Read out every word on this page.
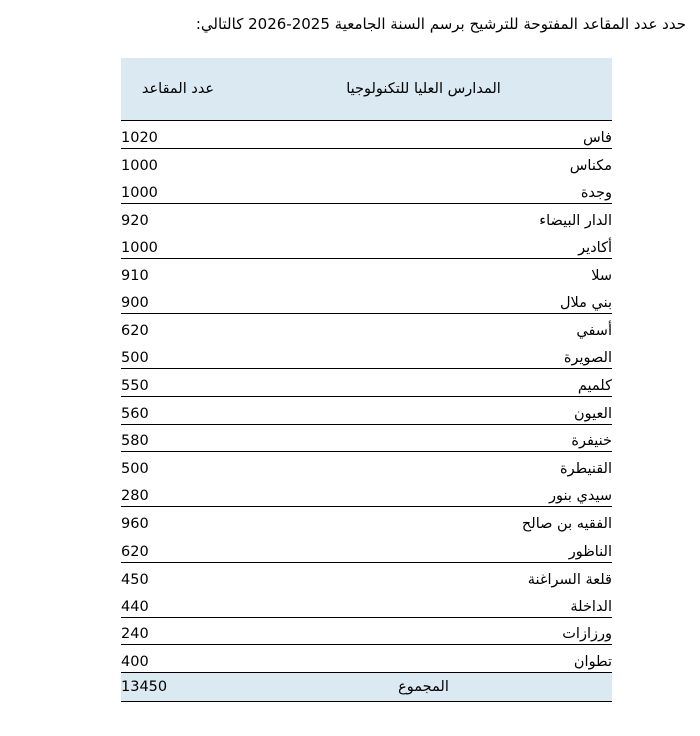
حدد عدد المقاعد المفتوحة للترشيح برسم السنة الجامعية 2025-2026 كالتالي:
المدارس العليا للتكنولوجيا	عدد المقاعد
فاس	1020
مكناس	1000
وجدة	1000
الدار البيضاء	920
أكادير	1000
سلا	910
بني ملال	900
أسفي	620
الصويرة	500
كلميم	550
العيون	560
خنيفرة	580
القنيطرة	500
سيدي بنور	280
الفقيه بن صالح	960
الناظور	620
قلعة السراغنة	450
الداخلة	440
ورزازات	240
تطوان	400
المجموع	13450
